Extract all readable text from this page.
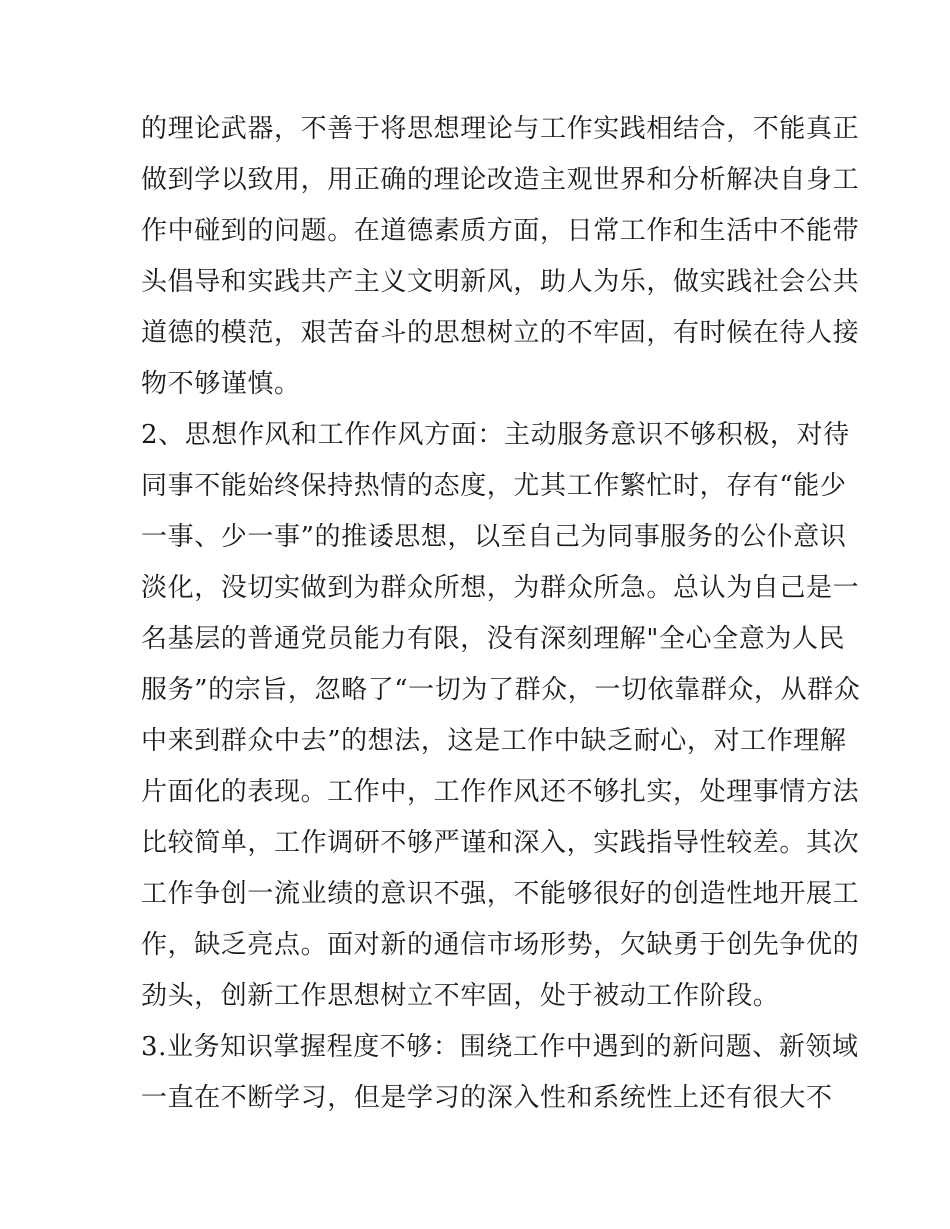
的理论武器，不善于将思想理论与工作实践相结合，不能真正
做到学以致用，用正确的理论改造主观世界和分析解决自身工
作中碰到的问题。在道德素质方面，日常工作和生活中不能带
头倡导和实践共产主义文明新风，助人为乐，做实践社会公共
道德的模范，艰苦奋斗的思想树立的不牢固，有时候在待人接
物不够谨慎。
2、思想作风和工作作风方面：主动服务意识不够积极，对待
同事不能始终保持热情的态度，尤其工作繁忙时，存有“能少
一事、少一事”的推诿思想，以至自己为同事服务的公仆意识
淡化，没切实做到为群众所想，为群众所急。总认为自己是一
名基层的普通党员能力有限，没有深刻理解"全心全意为人民
服务”的宗旨，忽略了“一切为了群众，一切依靠群众，从群众
中来到群众中去”的想法，这是工作中缺乏耐心，对工作理解
片面化的表现。工作中，工作作风还不够扎实，处理事情方法
比较简单，工作调研不够严谨和深入，实践指导性较差。其次
工作争创一流业绩的意识不强，不能够很好的创造性地开展工
作，缺乏亮点。面对新的通信市场形势，欠缺勇于创先争优的
劲头，创新工作思想树立不牢固，处于被动工作阶段。
3.业务知识掌握程度不够：围绕工作中遇到的新问题、新领域
一直在不断学习，但是学习的深入性和系统性上还有很大不
